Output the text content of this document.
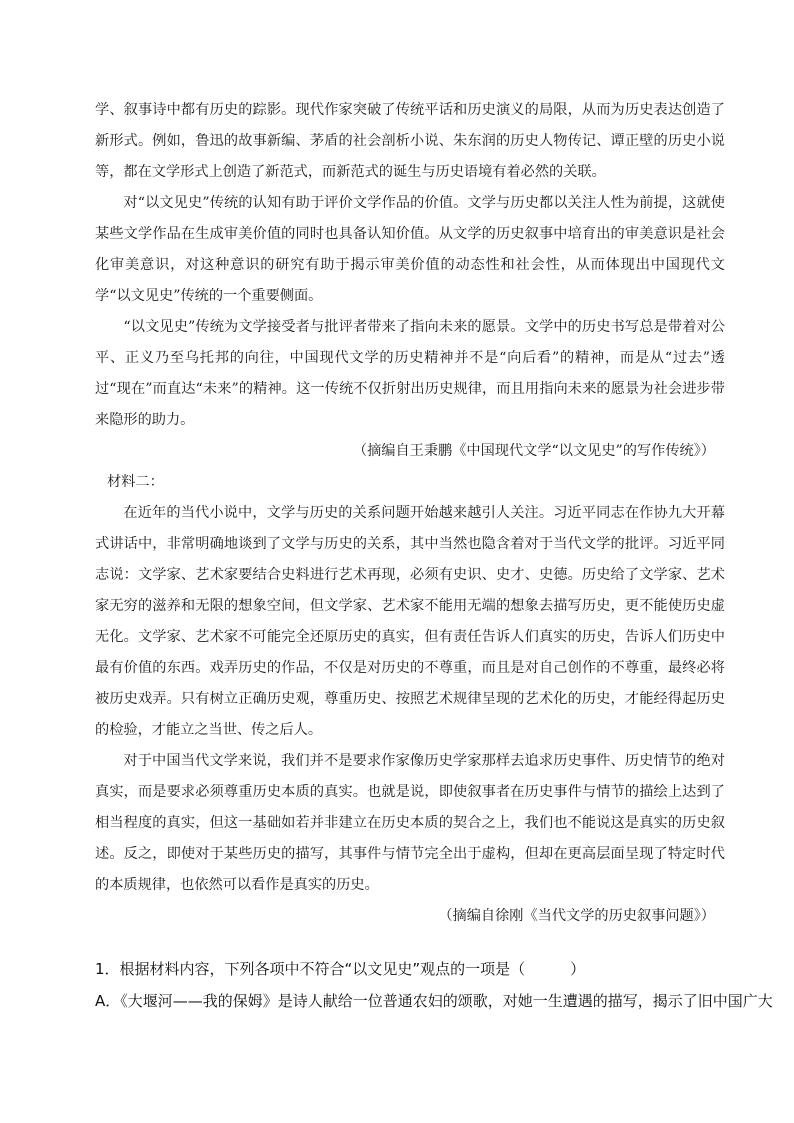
学、叙事诗中都有历史的踪影。现代作家突破了传统平话和历史演义的局限，从而为历史表达创造了新形式。例如，鲁迅的故事新编、茅盾的社会剖析小说、朱东润的历史人物传记、谭正壁的历史小说等，都在文学形式上创造了新范式，而新范式的诞生与历史语境有着必然的关联。

对“以文见史”传统的认知有助于评价文学作品的价值。文学与历史都以关注人性为前提，这就使某些文学作品在生成审美价值的同时也具备认知价值。从文学的历史叙事中培育出的审美意识是社会化审美意识，对这种意识的研究有助于揭示审美价值的动态性和社会性，从而体现出中国现代文学“以文见史”传统的一个重要侧面。

“以文见史”传统为文学接受者与批评者带来了指向未来的愿景。文学中的历史书写总是带着对公平、正义乃至乌托邦的向往，中国现代文学的历史精神并不是“向后看”的精神，而是从“过去”透过“现在”而直达“未来”的精神。这一传统不仅折射出历史规律，而且用指向未来的愿景为社会进步带来隐形的助力。

（摘编自王秉鹏《中国现代文学“以文见史”的写作传统》）

材料二：

在近年的当代小说中，文学与历史的关系问题开始越来越引人关注。习近平同志在作协九大开幕式讲话中，非常明确地谈到了文学与历史的关系，其中当然也隐含着对于当代文学的批评。习近平同志说：文学家、艺术家要结合史料进行艺术再现，必须有史识、史才、史德。历史给了文学家、艺术家无穷的滋养和无限的想象空间，但文学家、艺术家不能用无端的想象去描写历史，更不能使历史虚无化。文学家、艺术家不可能完全还原历史的真实，但有责任告诉人们真实的历史，告诉人们历史中最有价值的东西。戏弄历史的作品，不仅是对历史的不尊重，而且是对自己创作的不尊重，最终必将被历史戏弄。只有树立正确历史观，尊重历史、按照艺术规律呈现的艺术化的历史，才能经得起历史的检验，才能立之当世、传之后人。

对于中国当代文学来说，我们并不是要求作家像历史学家那样去追求历史事件、历史情节的绝对真实，而是要求必须尊重历史本质的真实。也就是说，即使叙事者在历史事件与情节的描绘上达到了相当程度的真实，但这一基础如若并非建立在历史本质的契合之上，我们也不能说这是真实的历史叙述。反之，即使对于某些历史的描写，其事件与情节完全出于虚构，但却在更高层面呈现了特定时代的本质规律，也依然可以看作是真实的历史。

（摘编自徐刚《当代文学的历史叙事问题》）

1．根据材料内容，下列各项中不符合“以文见史”观点的一项是（　　　）

A．《大堰河——我的保姆》是诗人献给一位普通农妇的颂歌，对她一生遭遇的描写，揭示了旧中国广大
